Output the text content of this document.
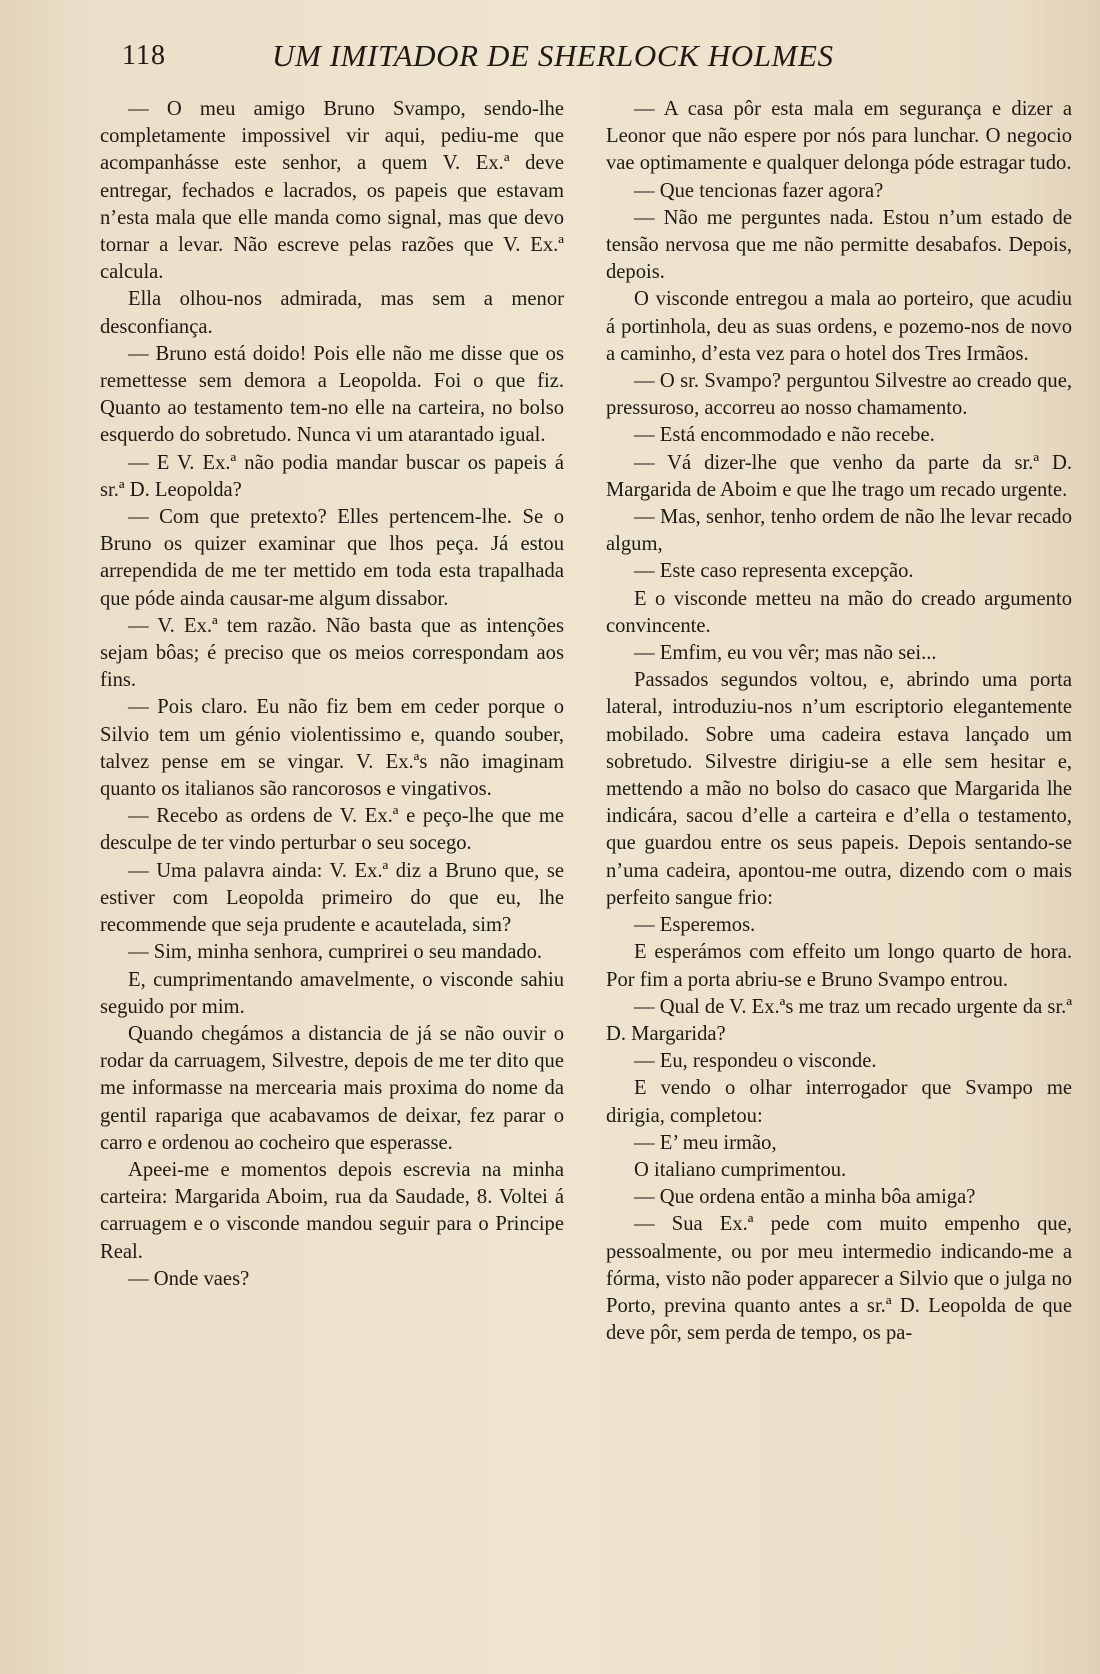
118	UM IMITADOR DE SHERLOCK HOLMES

— O meu amigo Bruno Svampo, sendo-lhe completamente impossivel vir aqui, pediu-me que acompanhásse este senhor, a quem V. Ex.ª deve entregar, fechados e lacrados, os papeis que estavam n’esta mala que elle manda como signal, mas que devo tornar a levar. Não escreve pelas razões que V. Ex.ª calcula.

Ella olhou-nos admirada, mas sem a menor desconfiança.

— Bruno está doido! Pois elle não me disse que os remettesse sem demora a Leopolda. Foi o que fiz. Quanto ao testamento tem-no elle na carteira, no bolso esquerdo do sobretudo. Nunca vi um atarantado igual.

— E V. Ex.ª não podia mandar buscar os papeis á sr.ª D. Leopolda?

— Com que pretexto? Elles pertencem-lhe. Se o Bruno os quizer examinar que lhos peça. Já estou arrependida de me ter mettido em toda esta trapalhada que póde ainda causar-me algum dissabor.

— V. Ex.ª tem razão. Não basta que as intenções sejam bôas; é preciso que os meios correspondam aos fins.

— Pois claro. Eu não fiz bem em ceder porque o Silvio tem um génio violentissimo e, quando souber, talvez pense em se vingar. V. Ex.ªs não imaginam quanto os italianos são rancorosos e vingativos.

— Recebo as ordens de V. Ex.ª e peço-lhe que me desculpe de ter vindo perturbar o seu socego.

— Uma palavra ainda: V. Ex.ª diz a Bruno que, se estiver com Leopolda primeiro do que eu, lhe recommende que seja prudente e acautelada, sim?

— Sim, minha senhora, cumprirei o seu mandado.

E, cumprimentando amavelmente, o visconde sahiu seguido por mim.

Quando chegámos a distancia de já se não ouvir o rodar da carruagem, Silvestre, depois de me ter dito que me informasse na mercearia mais proxima do nome da gentil rapariga que acabavamos de deixar, fez parar o carro e ordenou ao cocheiro que esperasse.

Apeei-me e momentos depois escrevia na minha carteira: Margarida Aboim, rua da Saudade, 8. Voltei á carruagem e o visconde mandou seguir para o Principe Real.

— Onde vaes?

— A casa pôr esta mala em segurança e dizer a Leonor que não espere por nós para lunchar. O negocio vae optimamente e qualquer delonga póde estragar tudo.

— Que tencionas fazer agora?

— Não me perguntes nada. Estou n’um estado de tensão nervosa que me não permitte desabafos. Depois, depois.

O visconde entregou a mala ao porteiro, que acudiu á portinhola, deu as suas ordens, e pozemo-nos de novo a caminho, d’esta vez para o hotel dos Tres Irmãos.

— O sr. Svampo? perguntou Silvestre ao creado que, pressuroso, accorreu ao nosso chamamento.

— Está encommodado e não recebe.

— Vá dizer-lhe que venho da parte da sr.ª D. Margarida de Aboim e que lhe trago um recado urgente.

— Mas, senhor, tenho ordem de não lhe levar recado algum,

— Este caso representa excepção.

E o visconde metteu na mão do creado argumento convincente.

— Emfim, eu vou vêr; mas não sei...

Passados segundos voltou, e, abrindo uma porta lateral, introduziu-nos n’um escriptorio elegantemente mobilado. Sobre uma cadeira estava lançado um sobretudo. Silvestre dirigiu-se a elle sem hesitar e, mettendo a mão no bolso do casaco que Margarida lhe indicára, sacou d’elle a carteira e d’ella o testamento, que guardou entre os seus papeis. Depois sentando-se n’uma cadeira, apontou-me outra, dizendo com o mais perfeito sangue frio:

— Esperemos.

E esperámos com effeito um longo quarto de hora. Por fim a porta abriu-se e Bruno Svampo entrou.

— Qual de V. Ex.ªs me traz um recado urgente da sr.ª D. Margarida?

— Eu, respondeu o visconde.

E vendo o olhar interrogador que Svampo me dirigia, completou:

— E’ meu irmão,

O italiano cumprimentou.

— Que ordena então a minha bôa amiga?

— Sua Ex.ª pede com muito empenho que, pessoalmente, ou por meu intermedio indicando-me a fórma, visto não poder apparecer a Silvio que o julga no Porto, previna quanto antes a sr.ª D. Leopolda de que deve pôr, sem perda de tempo, os pa-
